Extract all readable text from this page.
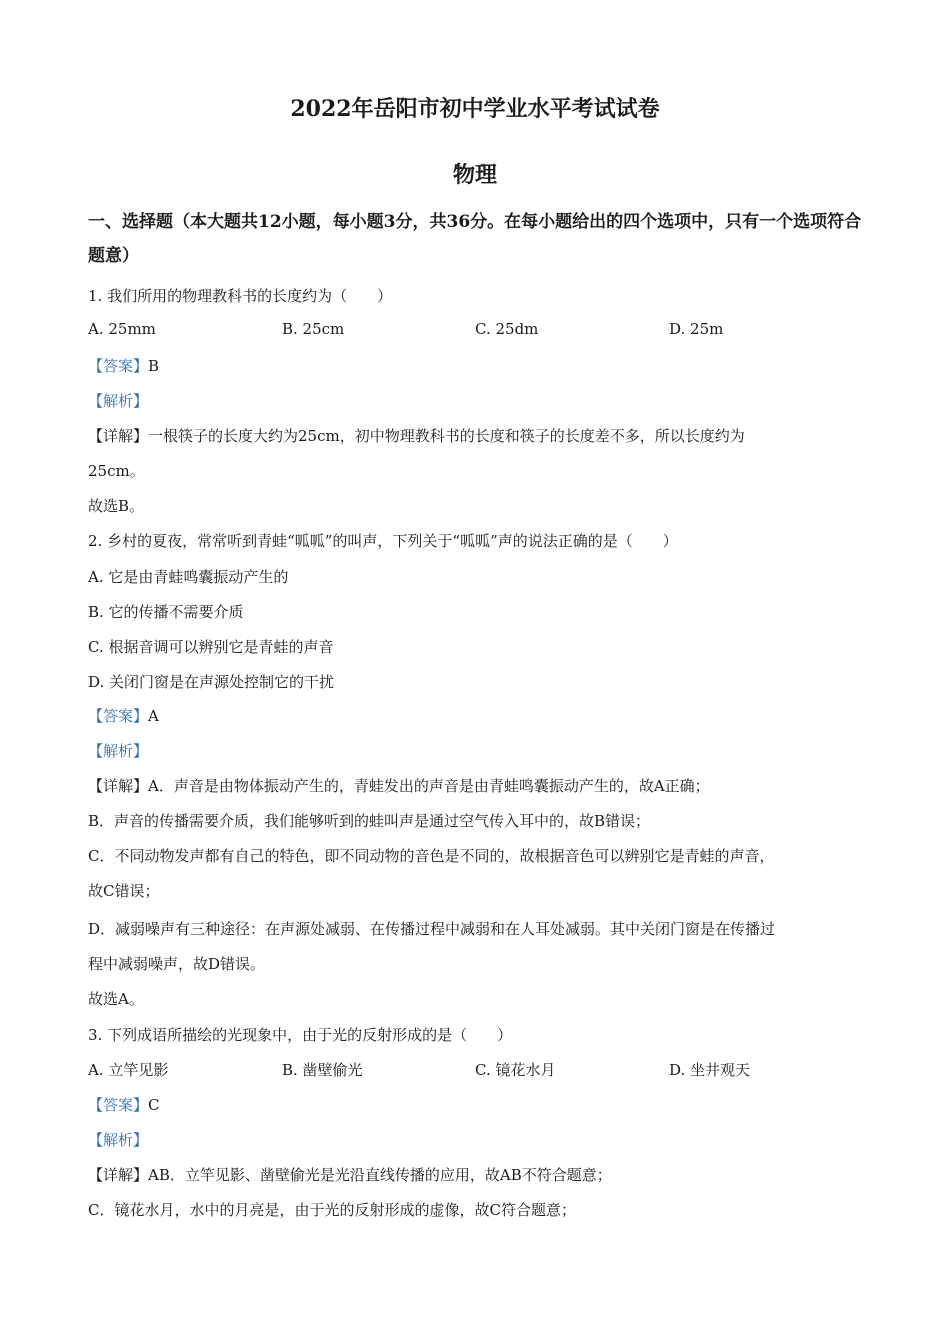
2022年岳阳市初中学业水平考试试卷
物理
一、选择题（本大题共12小题，每小题3分，共36分。在每小题给出的四个选项中，只有一个选项符合题意）
1. 我们所用的物理教科书的长度约为（　　）
A. 25mm	B. 25cm	C. 25dm	D. 25m
【答案】B
【解析】
【详解】一根筷子的长度大约为25cm，初中物理教科书的长度和筷子的长度差不多，所以长度约为
25cm。
故选B。
2. 乡村的夏夜，常常听到青蛙“呱呱”的叫声，下列关于“呱呱”声的说法正确的是（　　）
A. 它是由青蛙鸣囊振动产生的
B. 它的传播不需要介质
C. 根据音调可以辨别它是青蛙的声音
D. 关闭门窗是在声源处控制它的干扰
【答案】A
【解析】
【详解】A．声音是由物体振动产生的，青蛙发出的声音是由青蛙鸣囊振动产生的，故A正确；
B．声音的传播需要介质，我们能够听到的蛙叫声是通过空气传入耳中的，故B错误；
C．不同动物发声都有自己的特色，即不同动物的音色是不同的，故根据音色可以辨别它是青蛙的声音，
故C错误；
D．减弱噪声有三种途径：在声源处减弱、在传播过程中减弱和在人耳处减弱。其中关闭门窗是在传播过
程中减弱噪声，故D错误。
故选A。
3. 下列成语所描绘的光现象中，由于光的反射形成的是（　　）
A. 立竿见影	B. 凿壁偷光	C. 镜花水月	D. 坐井观天
【答案】C
【解析】
【详解】AB．立竿见影、凿壁偷光是光沿直线传播的应用，故AB不符合题意；
C．镜花水月，水中的月亮是，由于光的反射形成的虚像，故C符合题意；
